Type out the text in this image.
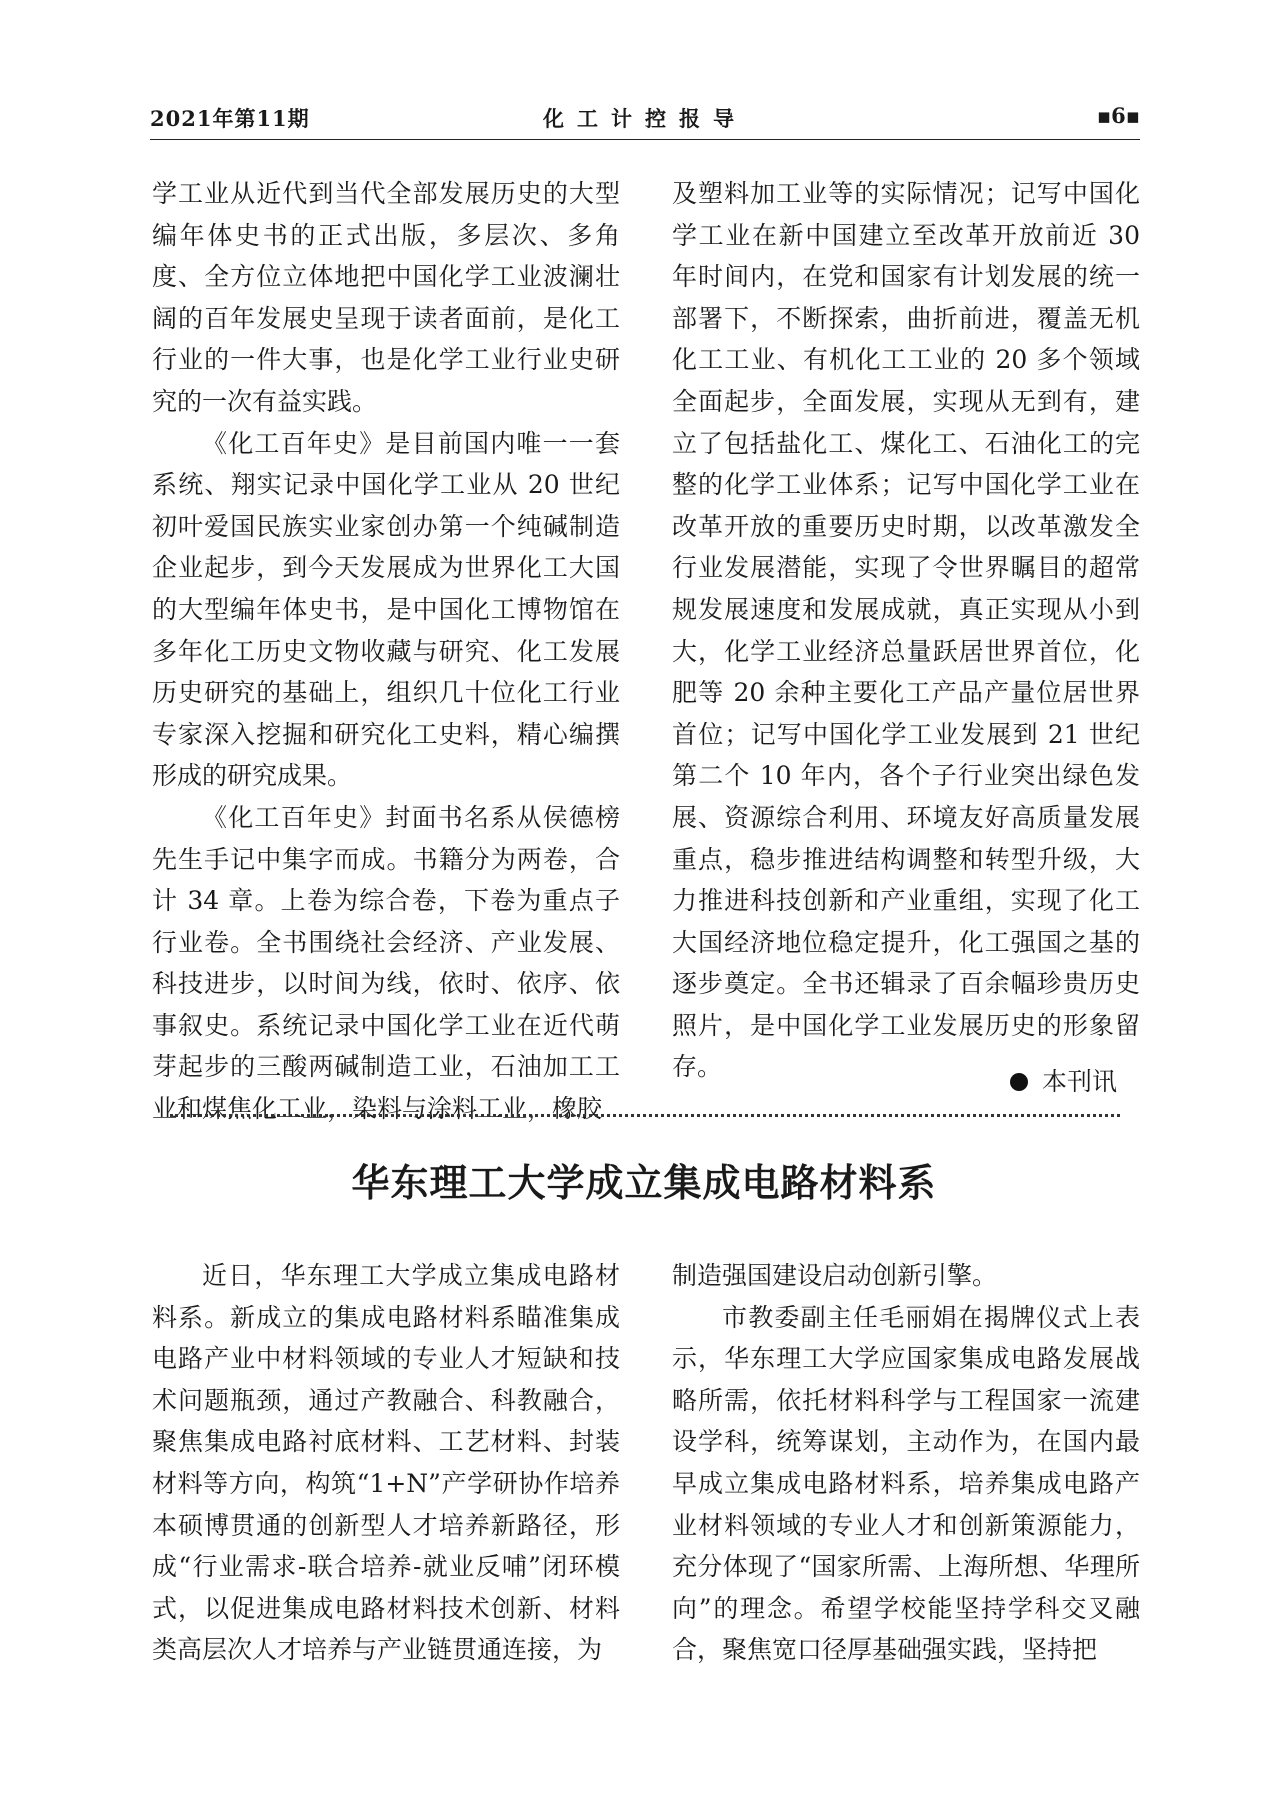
2021年第11期	化工计控报导	▪6▪

学工业从近代到当代全部发展历史的大型编年体史书的正式出版，多层次、多角度、全方位立体地把中国化学工业波澜壮阔的百年发展史呈现于读者面前，是化工行业的一件大事，也是化学工业行业史研究的一次有益实践。

《化工百年史》是目前国内唯一一套系统、翔实记录中国化学工业从 20 世纪初叶爱国民族实业家创办第一个纯碱制造企业起步，到今天发展成为世界化工大国的大型编年体史书，是中国化工博物馆在多年化工历史文物收藏与研究、化工发展历史研究的基础上，组织几十位化工行业专家深入挖掘和研究化工史料，精心编撰形成的研究成果。

《化工百年史》封面书名系从侯德榜先生手记中集字而成。书籍分为两卷，合计 34 章。上卷为综合卷，下卷为重点子行业卷。全书围绕社会经济、产业发展、科技进步，以时间为线，依时、依序、依事叙史。系统记录中国化学工业在近代萌芽起步的三酸两碱制造工业，石油加工工业和煤焦化工业，染料与涂料工业，橡胶

及塑料加工业等的实际情况；记写中国化学工业在新中国建立至改革开放前近 30 年时间内，在党和国家有计划发展的统一部署下，不断探索，曲折前进，覆盖无机化工工业、有机化工工业的 20 多个领域全面起步，全面发展，实现从无到有，建立了包括盐化工、煤化工、石油化工的完整的化学工业体系；记写中国化学工业在改革开放的重要历史时期，以改革激发全行业发展潜能，实现了令世界瞩目的超常规发展速度和发展成就，真正实现从小到大，化学工业经济总量跃居世界首位，化肥等 20 余种主要化工产品产量位居世界首位；记写中国化学工业发展到 21 世纪第二个 10 年内，各个子行业突出绿色发展、资源综合利用、环境友好高质量发展重点，稳步推进结构调整和转型升级，大力推进科技创新和产业重组，实现了化工大国经济地位稳定提升，化工强国之基的逐步奠定。全书还辑录了百余幅珍贵历史照片，是中国化学工业发展历史的形象留存。

本刊讯
华东理工大学成立集成电路材料系

近日，华东理工大学成立集成电路材料系。新成立的集成电路材料系瞄准集成电路产业中材料领域的专业人才短缺和技术问题瓶颈，通过产教融合、科教融合，聚焦集成电路衬底材料、工艺材料、封装材料等方向，构筑“1+N”产学研协作培养本硕博贯通的创新型人才培养新路径，形成“行业需求-联合培养-就业反哺”闭环模式，以促进集成电路材料技术创新、材料类高层次人才培养与产业链贯通连接，为

制造强国建设启动创新引擎。

市教委副主任毛丽娟在揭牌仪式上表示，华东理工大学应国家集成电路发展战略所需，依托材料科学与工程国家一流建设学科，统筹谋划，主动作为，在国内最早成立集成电路材料系，培养集成电路产业材料领域的专业人才和创新策源能力，充分体现了“国家所需、上海所想、华理所向”的理念。希望学校能坚持学科交叉融合，聚焦宽口径厚基础强实践，坚持把
